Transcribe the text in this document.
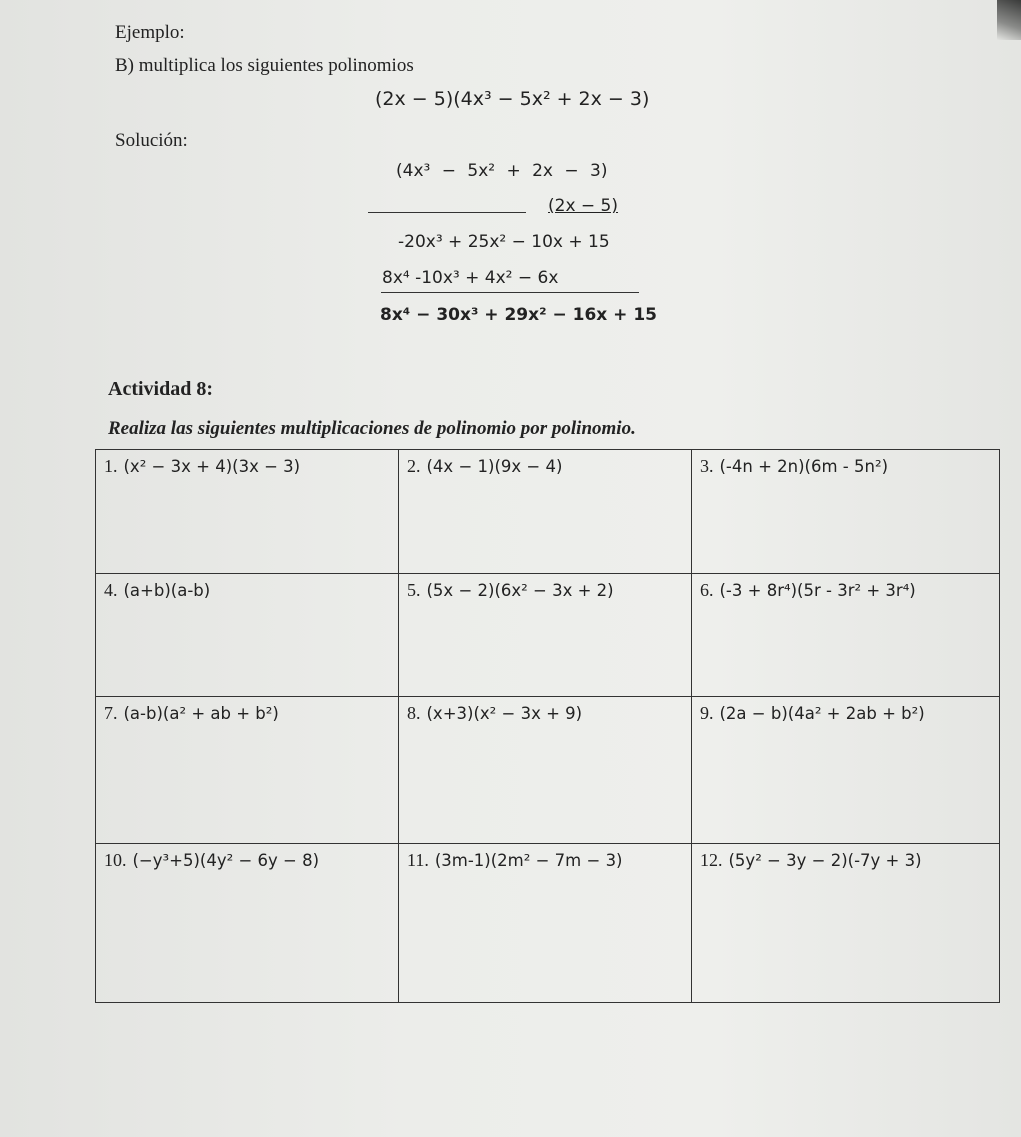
Ejemplo:
B) multiplica los siguientes polinomios
(2x − 5)(4x³ − 5x² + 2x − 3)
Solución:
(4x³ − 5x² + 2x − 3)
(2x − 5)
-20x³ + 25x² − 10x + 15
8x⁴ -10x³ + 4x² − 6x
8x⁴ − 30x³ + 29x² − 16x + 15
Actividad 8:
Realiza las siguientes multiplicaciones de polinomio por polinomio.
1. (x² − 3x + 4)(3x − 3)	2. (4x − 1)(9x − 4)	3. (-4n + 2n)(6m - 5n²)
4. (a+b)(a-b)	5. (5x − 2)(6x² − 3x + 2)	6. (-3 + 8r⁴)(5r - 3r² + 3r⁴)
7. (a-b)(a² + ab + b²)	8. (x+3)(x² − 3x + 9)	9. (2a − b)(4a² + 2ab + b²)
10. (−y³+5)(4y² − 6y − 8)	11. (3m-1)(2m² − 7m − 3)	12. (5y² − 3y − 2)(-7y + 3)
